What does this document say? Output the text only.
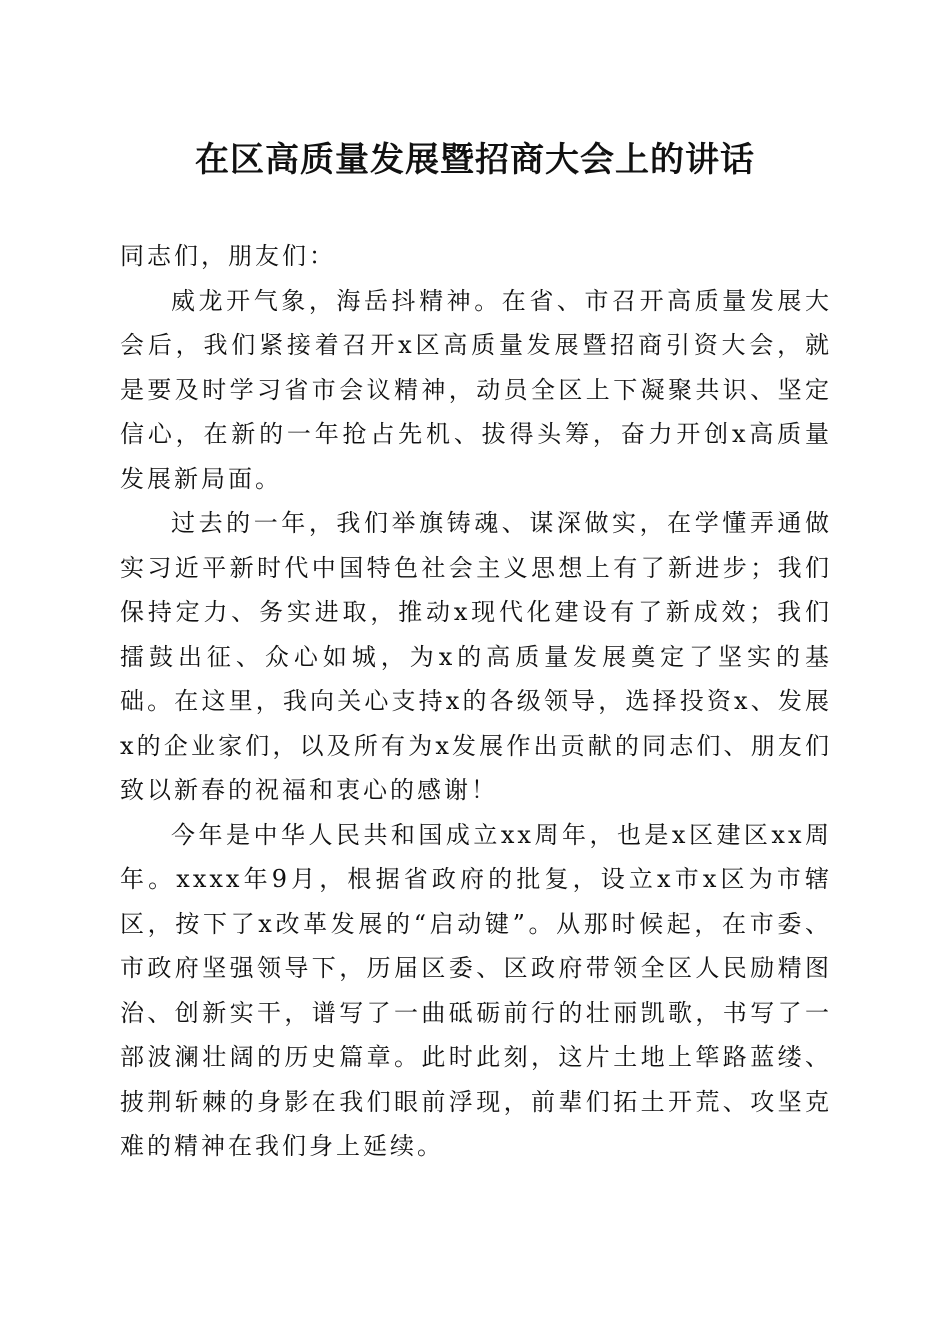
在区高质量发展暨招商大会上的讲话

同志们，朋友们：

威龙开气象，海岳抖精神。在省、市召开高质量发展大会后，我们紧接着召开x区高质量发展暨招商引资大会，就是要及时学习省市会议精神，动员全区上下凝聚共识、坚定信心，在新的一年抢占先机、拔得头筹，奋力开创x高质量发展新局面。

过去的一年，我们举旗铸魂、谋深做实，在学懂弄通做实习近平新时代中国特色社会主义思想上有了新进步；我们保持定力、务实进取，推动x现代化建设有了新成效；我们擂鼓出征、众心如城，为x的高质量发展奠定了坚实的基础。在这里，我向关心支持x的各级领导，选择投资x、发展x的企业家们，以及所有为x发展作出贡献的同志们、朋友们致以新春的祝福和衷心的感谢！

今年是中华人民共和国成立xx周年，也是x区建区xx周年。xxxx年9月，根据省政府的批复，设立x市x区为市辖区，按下了x改革发展的“启动键”。从那时候起，在市委、市政府坚强领导下，历届区委、区政府带领全区人民励精图治、创新实干，谱写了一曲砥砺前行的壮丽凯歌，书写了一部波澜壮阔的历史篇章。此时此刻，这片土地上筚路蓝缕、披荆斩棘的身影在我们眼前浮现，前辈们拓土开荒、攻坚克难的精神在我们身上延续。
